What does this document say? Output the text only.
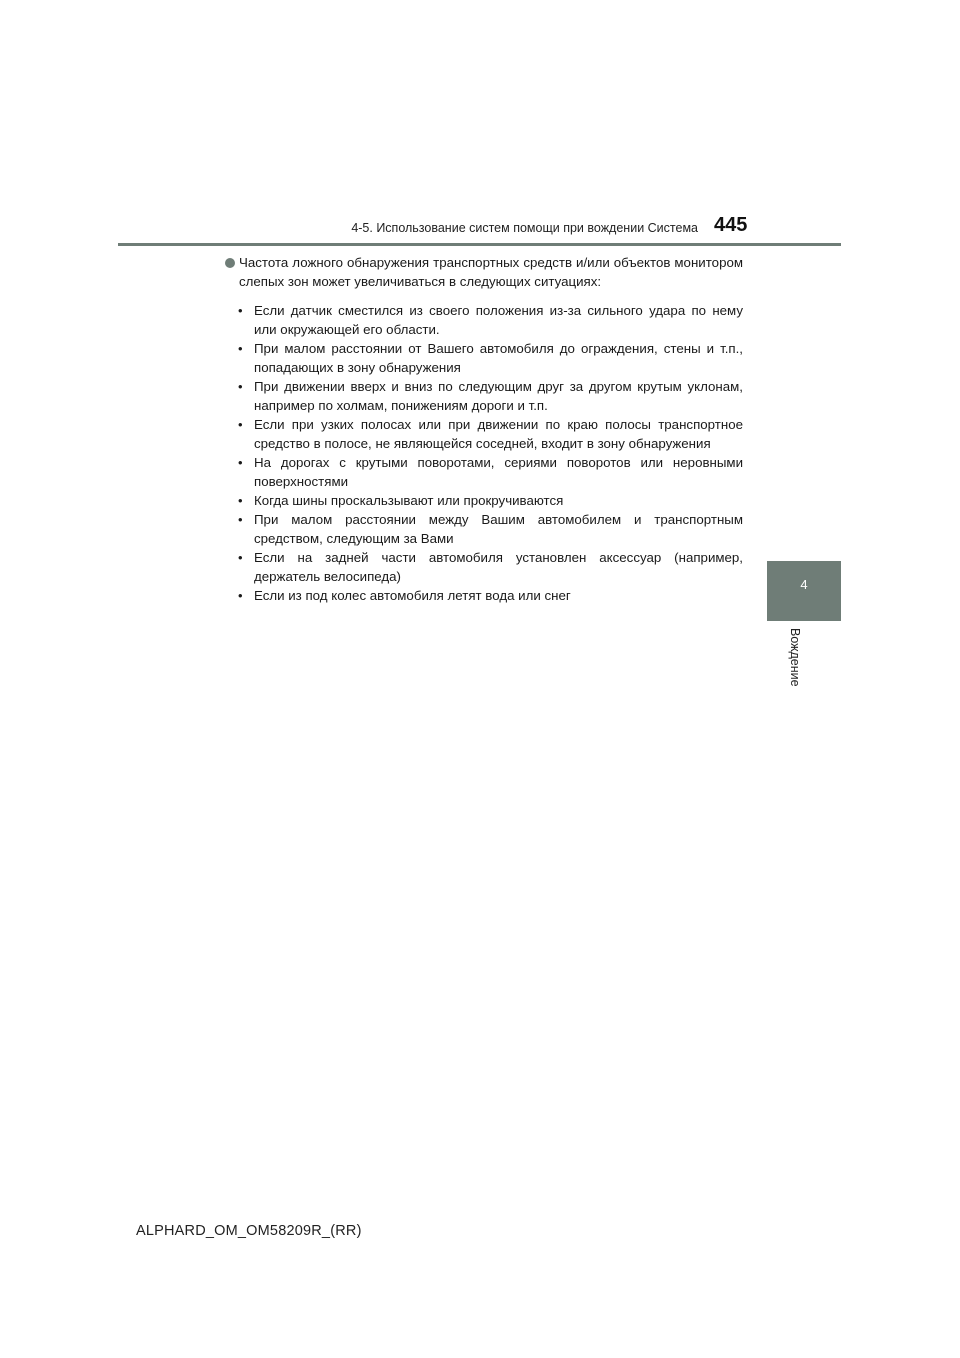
4-5. Использование систем помощи при вождении Система 445
4
Вождение
Частота ложного обнаружения транспортных средств и/или объектов монитором слепых зон может увеличиваться в следующих ситуациях:
• Если датчик сместился из своего положения из-за сильного удара по нему или окружающей его области.
• При малом расстоянии от Вашего автомобиля до ограждения, стены и т.п., попадающих в зону обнаружения
• При движении вверх и вниз по следующим друг за другом крутым уклонам, например по холмам, понижениям дороги и т.п.
• Если при узких полосах или при движении по краю полосы транспортное средство в полосе, не являющейся соседней, входит в зону обнаружения
• На дорогах с крутыми поворотами, сериями поворотов или неровными поверхностями
• Когда шины проскальзывают или прокручиваются
• При малом расстоянии между Вашим автомобилем и транспортным средством, следующим за Вами
• Если на задней части автомобиля установлен аксессуар (например, держатель велосипеда)
• Если из под колес автомобиля летят вода или снег
ALPHARD_OM_OM58209R_(RR)
